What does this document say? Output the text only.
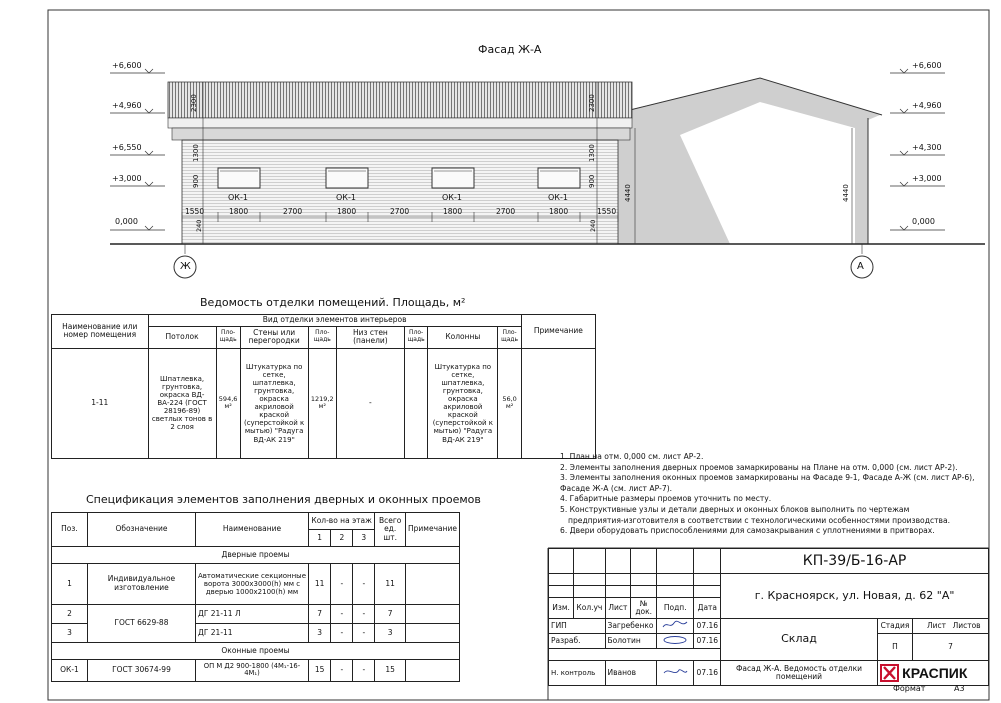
Фасад Ж-А
+6,600
+4,960
+6,550
+3,000
0,000
+6,600
+4,960
+4,300
+3,000
0,000
ОК-1	ОК-1	ОК-1	ОК-1
1550	1800	2700	1800	2700	1800	2700	1800	1550
2300	2300
1300	1300
900	900
240	240
4440	4440
Ж	А
Ведомость отделки помещений. Площадь, м²
Наименование или номер помещения	Вид отделки элементов интерьеров								Примечание
	Потолок	Пло-щадь	Стены или перегородки	Пло-щадь	Низ стен (панели)	Пло-щадь	Колонны	Пло-щадь	
1-11	Шпатлевка, грунтовка, окраска ВД-ВА-224 (ГОСТ 28196-89) светлых тонов в 2 слоя	594,6 м²	Штукатурка по сетке, шпатлевка, грунтовка, окраска акриловой краской (суперстойкой к мытью) "Радуга ВД-АК 219"	1219,2 м²	-		Штукатурка по сетке, шпатлевка, грунтовка, окраска акриловой краской (суперстойкой к мытью) "Радуга ВД-АК 219"	56,0 м²	
1. План на отм. 0,000 см. лист АР-2.
2. Элементы заполнения дверных проемов замаркированы на Плане на отм. 0,000 (см. лист АР-2).
3. Элементы заполнения оконных проемов замаркированы на Фасаде 9-1, Фасаде А-Ж (см. лист АР-6),
Фасаде Ж-А (см. лист АР-7).
4. Габаритные размеры проемов уточнить по месту.
5. Конструктивные узлы и детали дверных и оконных блоков выполнить по чертежам
предприятия-изготовителя в соответствии с технологическими особенностями производства.
6. Двери оборудовать приспособлениями для самозакрывания с уплотнениями в притворах.
Спецификация элементов заполнения дверных и оконных проемов
Поз.	Обозначение	Наименование	Кол-во на этаж			Всего ед. шт.	Примечание
			1	2	3		
Дверные проемы							
1	Индивидуальное изготовление	Автоматические секционные ворота 3000х3000(h) мм с дверью 1000х2100(h) мм	11	-	-	11	
2	ГОСТ 6629-88	ДГ 21-11 Л	7	-	-	7	
3		ДГ 21-11	3	-	-	3	
Оконные проемы							
ОК-1	ГОСТ 30674-99	ОП М Д2 900-1800 (4М₁-16-4М₁)	15	-	-	15	
						КП-39/Б-16-АР		
						г. Красноярск, ул. Новая, д. 62 "А"		

Изм.	Кол.уч	Лист	№ док.	Подп.	Дата			
ГИП		Загребенко			07.16	Склад	Стадия	Лист Листов
Разраб.		Болотин			07.16		П	7

Н. контроль		Иванов			07.16	Фасад Ж-А. Ведомость отделки помещений	КРАСПИК	
Формат	А3
